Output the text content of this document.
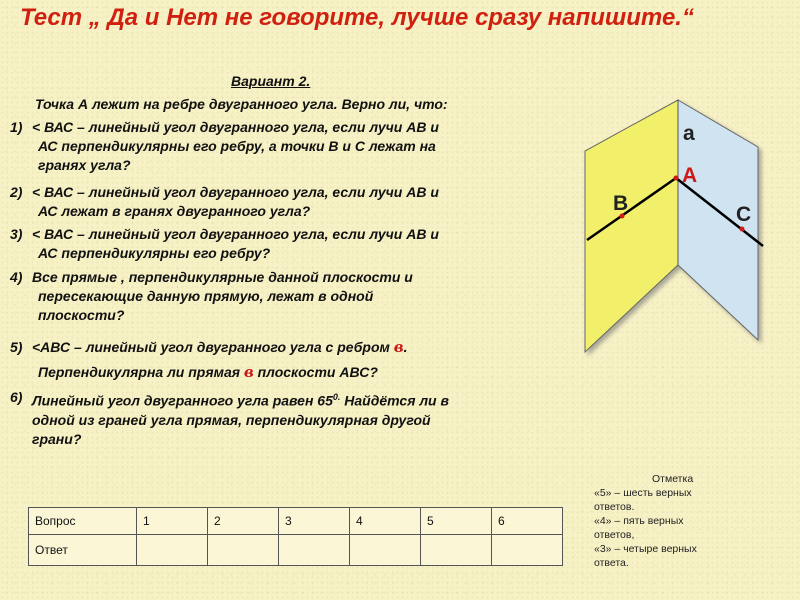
Тест „ Да и Нет не говорите, лучше сразу напишите.“
Вариант 2.
Точка А лежит на ребре двугранного угла. Верно ли, что:
1) < ВАС – линейный угол двугранного угла, если лучи АВ и
АС перпендикулярны его ребру, а точки В и С лежат на
гранях угла?
2) < ВАС – линейный угол двугранного угла, если лучи АВ и
АС лежат в гранях двугранного угла?
3) < ВАС – линейный угол двугранного угла, если лучи АВ и
АС перпендикулярны его ребру?
4) Все прямые , перпендикулярные данной плоскости и
пересекающие данную прямую, лежат в одной
плоскости?
5) <АВС – линейный угол двугранного угла с ребром в.
Перпендикулярна ли прямая в плоскости АВС?
6) Линейный угол двугранного угла равен $65^{0.}$ Найдётся ли в
одной из граней угла прямая, перпендикулярная другой
грани?
а
А
В	С
Отметка
«5» – шесть верных
ответов.
«4» – пять верных
ответов,
«3» – четыре верных
ответа.
Вопрос	1	2	3	4	5	6
Ответ						
